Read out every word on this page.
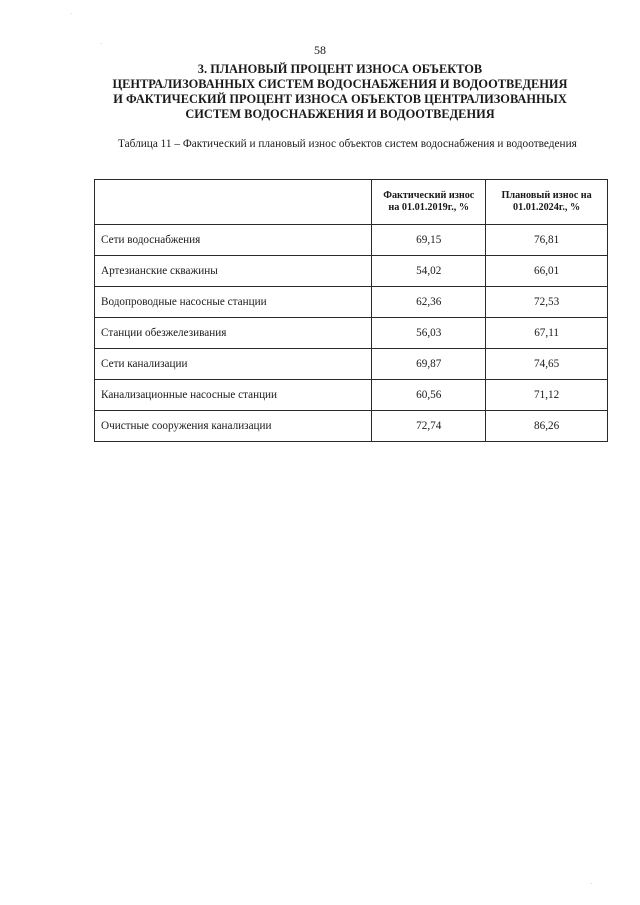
·
·
·
58
3. ПЛАНОВЫЙ ПРОЦЕНТ ИЗНОСА ОБЪЕКТОВ
ЦЕНТРАЛИЗОВАННЫХ СИСТЕМ ВОДОСНАБЖЕНИЯ И ВОДООТВЕДЕНИЯ
И ФАКТИЧЕСКИЙ ПРОЦЕНТ ИЗНОСА ОБЪЕКТОВ ЦЕНТРАЛИЗОВАННЫХ
СИСТЕМ ВОДОСНАБЖЕНИЯ И ВОДООТВЕДЕНИЯ
Таблица 11 – Фактический и плановый износ объектов систем водоснабжения и водоотведения
	Фактический износ на 01.01.2019г., %	Плановый износ на 01.01.2024г., %
Сети водоснабжения	69,15	76,81
Артезианские скважины	54,02	66,01
Водопроводные насосные станции	62,36	72,53
Станции обезжелезивания	56,03	67,11
Сети канализации	69,87	74,65
Канализационные насосные станции	60,56	71,12
Очистные сооружения канализации	72,74	86,26
